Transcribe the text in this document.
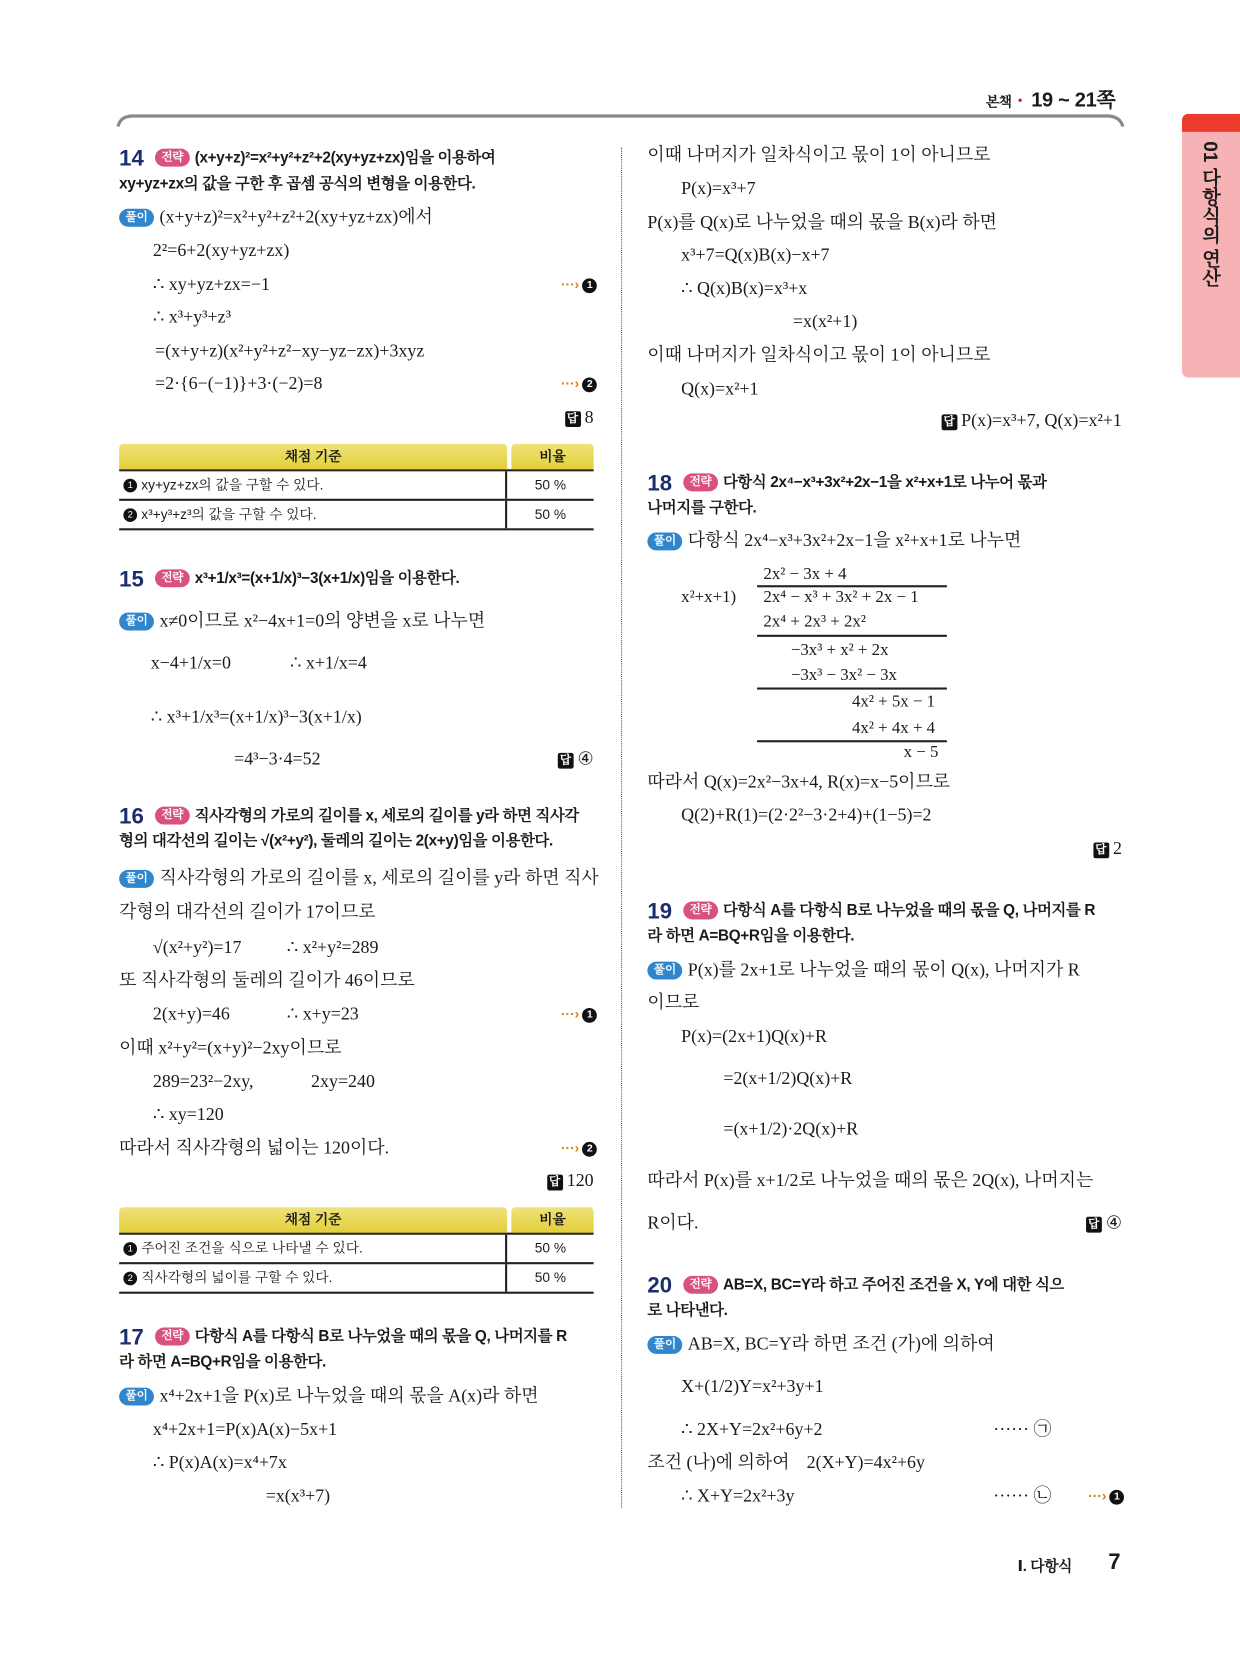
본책 • 19 ~ 21쪽
01 다항식의 연산
14	전략 (x+y+z)²=x²+y²+z²+2(xy+yz+zx)임을 이용하여
xy+yz+zx의 값을 구한 후 곱셈 공식의 변형을 이용한다.
풀이 (x+y+z)²=x²+y²+z²+2(xy+yz+zx)에서
2²=6+2(xy+yz+zx)
∴ xy+yz+zx=−1	···› 1
∴ x³+y³+z³
=(x+y+z)(x²+y²+z²−xy−yz−zx)+3xyz
=2·{6−(−1)}+3·(−2)=8	···› 2
답 8
채점 기준	비율
1 xy+yz+zx의 값을 구할 수 있다.	50 %
2 x³+y³+z³의 값을 구할 수 있다.	50 %
15	전략 x³+1/x³=(x+1/x)³−3(x+1/x)임을 이용한다.
풀이 x≠0이므로 x²−4x+1=0의 양변을 x로 나누면
x−4+1/x=0	∴ x+1/x=4
∴ x³+1/x³=(x+1/x)³−3(x+1/x)
=4³−3·4=52	답 ④
16	전략 직사각형의 가로의 길이를 x, 세로의 길이를 y라 하면 직사각
형의 대각선의 길이는 √(x²+y²), 둘레의 길이는 2(x+y)임을 이용한다.
풀이 직사각형의 가로의 길이를 x, 세로의 길이를 y라 하면 직사
각형의 대각선의 길이가 17이므로
√(x²+y²)=17	∴ x²+y²=289
또 직사각형의 둘레의 길이가 46이므로
2(x+y)=46	∴ x+y=23	···› 1
이때 x²+y²=(x+y)²−2xy이므로
289=23²−2xy,	2xy=240
∴ xy=120
따라서 직사각형의 넓이는 120이다.	···› 2
답 120
채점 기준	비율
1 주어진 조건을 식으로 나타낼 수 있다.	50 %
2 직사각형의 넓이를 구할 수 있다.	50 %
17	전략 다항식 A를 다항식 B로 나누었을 때의 몫을 Q, 나머지를 R
라 하면 A=BQ+R임을 이용한다.
풀이 x⁴+2x+1을 P(x)로 나누었을 때의 몫을 A(x)라 하면
x⁴+2x+1=P(x)A(x)−5x+1
∴ P(x)A(x)=x⁴+7x
=x(x³+7)
이때 나머지가 일차식이고 몫이 1이 아니므로
P(x)=x³+7
P(x)를 Q(x)로 나누었을 때의 몫을 B(x)라 하면
x³+7=Q(x)B(x)−x+7
∴ Q(x)B(x)=x³+x
=x(x²+1)
이때 나머지가 일차식이고 몫이 1이 아니므로
Q(x)=x²+1
답 P(x)=x³+7, Q(x)=x²+1
18	전략 다항식 2x⁴−x³+3x²+2x−1을 x²+x+1로 나누어 몫과
나머지를 구한다.
풀이 다항식 2x⁴−x³+3x²+2x−1을 x²+x+1로 나누면
2x² − 3x + 4
x²+x+1) 2x⁴ − x³ + 3x² + 2x − 1
2x⁴ + 2x³ + 2x²
−3x³ + x² + 2x
−3x³ − 3x² − 3x
4x² + 5x − 1
4x² + 4x + 4
x − 5
따라서 Q(x)=2x²−3x+4, R(x)=x−5이므로
Q(2)+R(1)=(2·2²−3·2+4)+(1−5)=2
답 2
19	전략 다항식 A를 다항식 B로 나누었을 때의 몫을 Q, 나머지를 R
라 하면 A=BQ+R임을 이용한다.
풀이 P(x)를 2x+1로 나누었을 때의 몫이 Q(x), 나머지가 R
이므로
P(x)=(2x+1)Q(x)+R
=2(x+1/2)Q(x)+R
=(x+1/2)·2Q(x)+R
따라서 P(x)를 x+1/2로 나누었을 때의 몫은 2Q(x), 나머지는
R이다.	답 ④
20	전략 AB=X, BC=Y라 하고 주어진 조건을 X, Y에 대한 식으
로 나타낸다.
풀이 AB=X, BC=Y라 하면 조건 (가)에 의하여
X+(1/2)Y=x²+3y+1
∴ 2X+Y=2x²+6y+2	······ ㉠
조건 (나)에 의하여 2(X+Y)=4x²+6y
∴ X+Y=2x²+3y	······ ㉡	···› 1
Ⅰ. 다항식 7
